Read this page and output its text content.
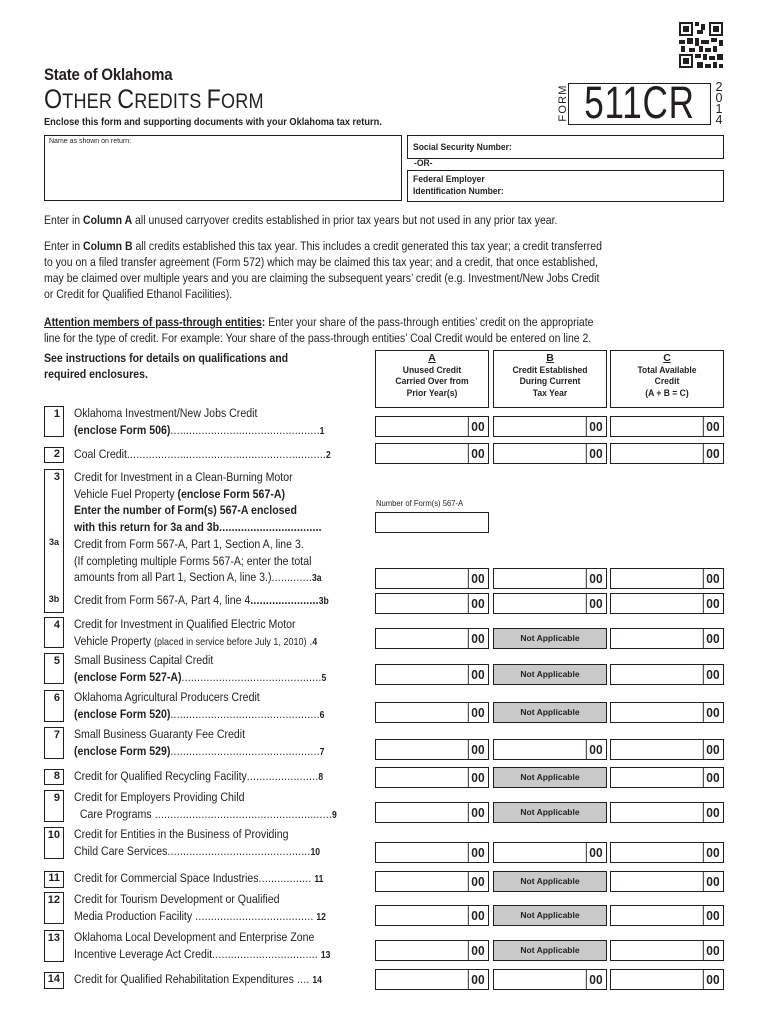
State of Oklahoma
OTHER CREDITS FORM
Enclose this form and supporting documents with your Oklahoma tax return.
FORM 511CR 2
0
1
4
Name as shown on return:
Social Security Number:
-OR-
Federal Employer
Identification Number:
Enter in Column A all unused carryover credits established in prior tax years but not used in any prior tax year.
Enter in Column B all credits established this tax year. This includes a credit generated this tax year; a credit transferred
to you on a filed transfer agreement (Form 572) which may be claimed this tax year; and a credit, that once established,
may be claimed over multiple years and you are claiming the subsequent years’ credit (e.g. Investment/New Jobs Credit
or Credit for Qualified Ethanol Facilities).
Attention members of pass-through entities: Enter your share of the pass-through entities’ credit on the appropriate
line for the type of credit. For example: Your share of the pass-through entities’ Coal Credit would be entered on line 2.
See instructions for details on qualifications and
required enclosures.
A
Unused Credit
Carried Over from
Prior Year(s)
B
Credit Established
During Current
Tax Year
C
Total Available
Credit
(A + B = C)
1 Oklahoma Investment/New Jobs Credit
(enclose Form 506)................................................1	00	00	00
2 Coal Credit................................................................2	00	00	00
3
3a
3b
Credit for Investment in a Clean-Burning Motor
Vehicle Fuel Property (enclose Form 567-A)
Enter the number of Form(s) 567-A enclosed
with this return for 3a and 3b.................................
Number of Form(s) 567-A
Credit from Form 567-A, Part 1, Section A, line 3.
(If completing multiple Forms 567-A; enter the total
amounts from all Part 1, Section A, line 3.).............3a	00	00	00
Credit from Form 567-A, Part 4, line 4......................3b	00	00	00
4 Credit for Investment in Qualified Electric Motor
Vehicle Property (placed in service before July 1, 2010) .4	00	Not Applicable	00
5 Small Business Capital Credit
(enclose Form 527-A).............................................5	00	Not Applicable	00
6 Oklahoma Agricultural Producers Credit
(enclose Form 520)................................................6	00	Not Applicable	00
7 Small Business Guaranty Fee Credit
(enclose Form 529)................................................7	00	00	00
8 Credit for Qualified Recycling Facility.......................8	00	Not Applicable	00
9 Credit for Employers Providing Child
Care Programs .........................................................9	00	Not Applicable	00
10 Credit for Entities in the Business of Providing
Child Care Services..............................................10	00	00	00
11 Credit for Commercial Space Industries................. 11	00	Not Applicable	00
12 Credit for Tourism Development or Qualified
Media Production Facility ...................................... 12	00	Not Applicable	00
13 Oklahoma Local Development and Enterprise Zone
Incentive Leverage Act Credit.................................. 13	00	Not Applicable	00
14 Credit for Qualified Rehabilitation Expenditures .... 14	00	00	00
